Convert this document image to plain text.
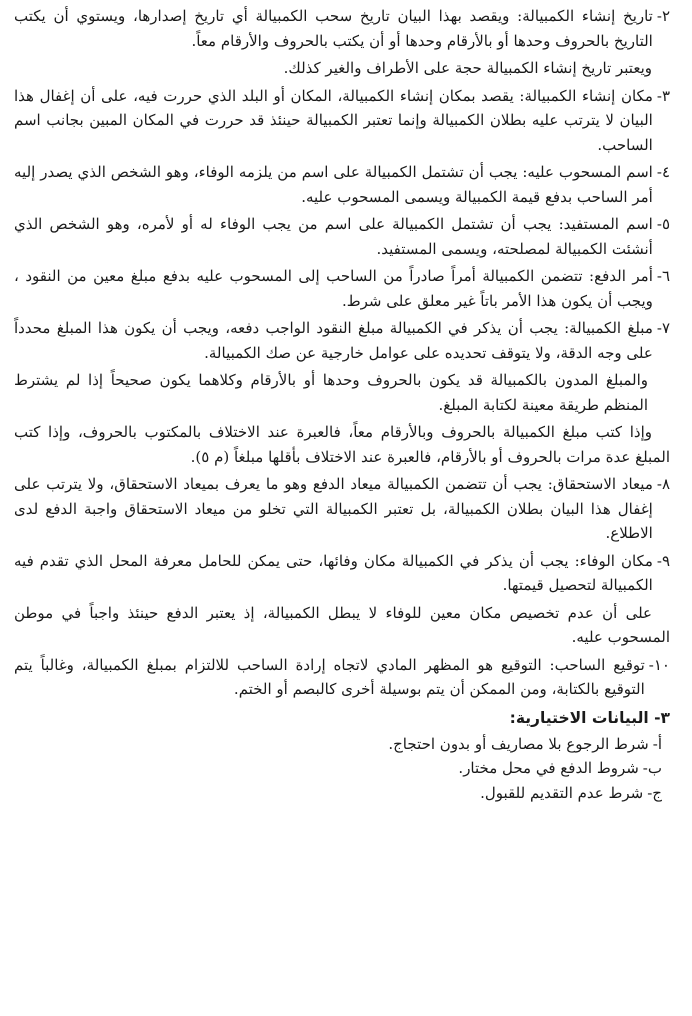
٢-
تاريخ إنشاء الكمبيالة: ويقصد بهذا البيان تاريخ سحب الكمبيالة أي تاريخ إصدارها، ويستوي أن يكتب التاريخ بالحروف وحدها أو بالأرقام وحدها أو أن يكتب بالحروف والأرقام معاً.

ويعتبر تاريخ إنشاء الكمبيالة حجة على الأطراف والغير كذلك.

٣-
مكان إنشاء الكمبيالة: يقصد بمكان إنشاء الكمبيالة، المكان أو البلد الذي حررت فيه، على أن إغفال هذا البيان لا يترتب عليه بطلان الكمبيالة وإنما تعتبر الكمبيالة حينئذ قد حررت في المكان المبين بجانب اسم الساحب.
٤-
اسم المسحوب عليه: يجب أن تشتمل الكمبيالة على اسم من يلزمه الوفاء، وهو الشخص الذي يصدر إليه أمر الساحب بدفع قيمة الكمبيالة ويسمى المسحوب عليه.
٥-
اسم المستفيد: يجب أن تشتمل الكمبيالة على اسم من يجب الوفاء له أو لأمره، وهو الشخص الذي أنشئت الكمبيالة لمصلحته، ويسمى المستفيد.
٦-
أمر الدفع: تتضمن الكمبيالة أمراً صادراً من الساحب إلى المسحوب عليه بدفع مبلغ معين من النقود ، ويجب أن يكون هذا الأمر باتاً غير معلق على شرط.
٧-
مبلغ الكمبيالة: يجب أن يذكر في الكمبيالة مبلغ النقود الواجب دفعه، ويجب أن يكون هذا المبلغ محدداً على وجه الدقة، ولا يتوقف تحديده على عوامل خارجية عن صك الكمبيالة.

والمبلغ المدون بالكمبيالة قد يكون بالحروف وحدها أو بالأرقام وكلاهما يكون صحيحاً إذا لم يشترط المنظم طريقة معينة لكتابة المبلغ.

وإذا كتب مبلغ الكمبيالة بالحروف وبالأرقام معاً، فالعبرة عند الاختلاف بالمكتوب بالحروف، وإذا كتب المبلغ عدة مرات بالحروف أو بالأرقام، فالعبرة عند الاختلاف بأقلها مبلغاً (م ٥).

٨-
ميعاد الاستحقاق: يجب أن تتضمن الكمبيالة ميعاد الدفع وهو ما يعرف بميعاد الاستحقاق، ولا يترتب على إغفال هذا البيان بطلان الكمبيالة، بل تعتبر الكمبيالة التي تخلو من ميعاد الاستحقاق واجبة الدفع لدى الاطلاع.
٩-
مكان الوفاء: يجب أن يذكر في الكمبيالة مكان وفائها، حتى يمكن للحامل معرفة المحل الذي تقدم فيه الكمبيالة لتحصيل قيمتها.

على أن عدم تخصيص مكان معين للوفاء لا يبطل الكمبيالة، إذ يعتبر الدفع حينئذ واجباً في موطن المسحوب عليه.

١٠-
توقيع الساحب: التوقيع هو المظهر المادي لاتجاه إرادة الساحب للالتزام بمبلغ الكمبيالة، وغالباً يتم التوقيع بالكتابة، ومن الممكن أن يتم بوسيلة أخرى كالبصم أو الختم.
٣- البيانات الاختيارية:
أ-
شرط الرجوع بلا مصاريف أو بدون احتجاج.
ب-
شروط الدفع في محل مختار.
ج-
شرط عدم التقديم للقبول.
